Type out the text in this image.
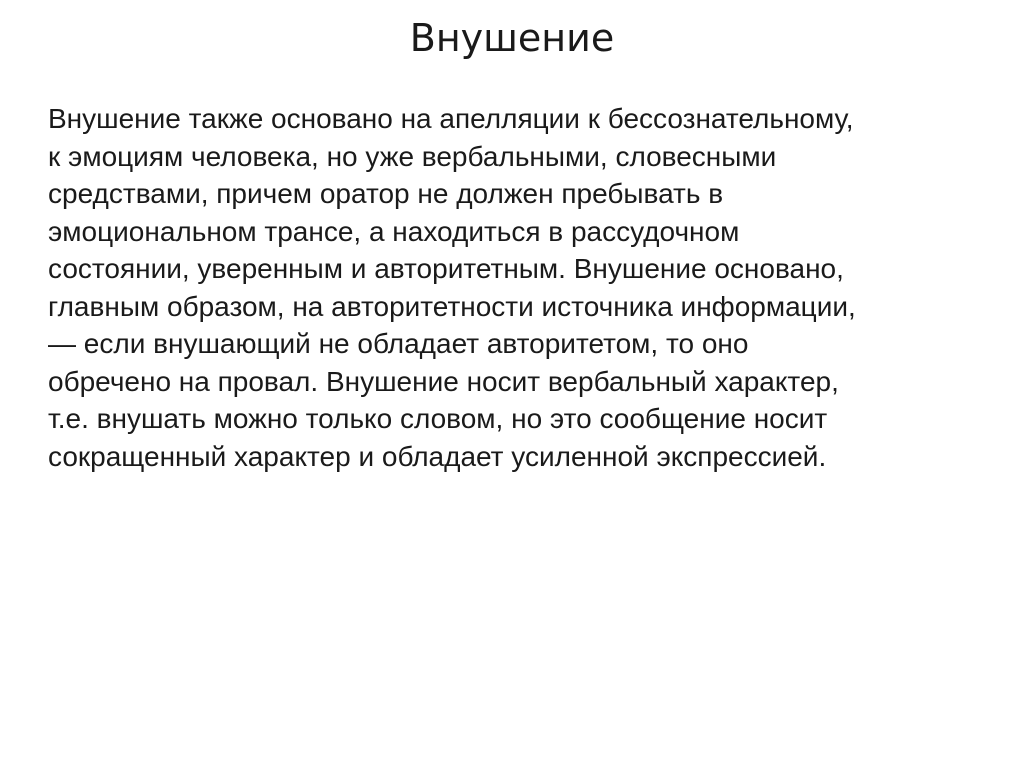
Внушение
Внушение также основано на апелляции к бессознательному,
к эмоциям человека, но уже вербальными, словесными
средствами, причем оратор не должен пребывать в
эмоциональном трансе, а находиться в рассудочном
состоянии, уверенным и авторитетным. Внушение основано,
главным образом, на авторитетности источника информации,
— если внушающий не обладает авторитетом, то оно
обречено на провал. Внушение носит вербальный характер,
т.е. внушать можно только словом, но это сообщение носит
сокращенный характер и обладает усиленной экспрессией.
